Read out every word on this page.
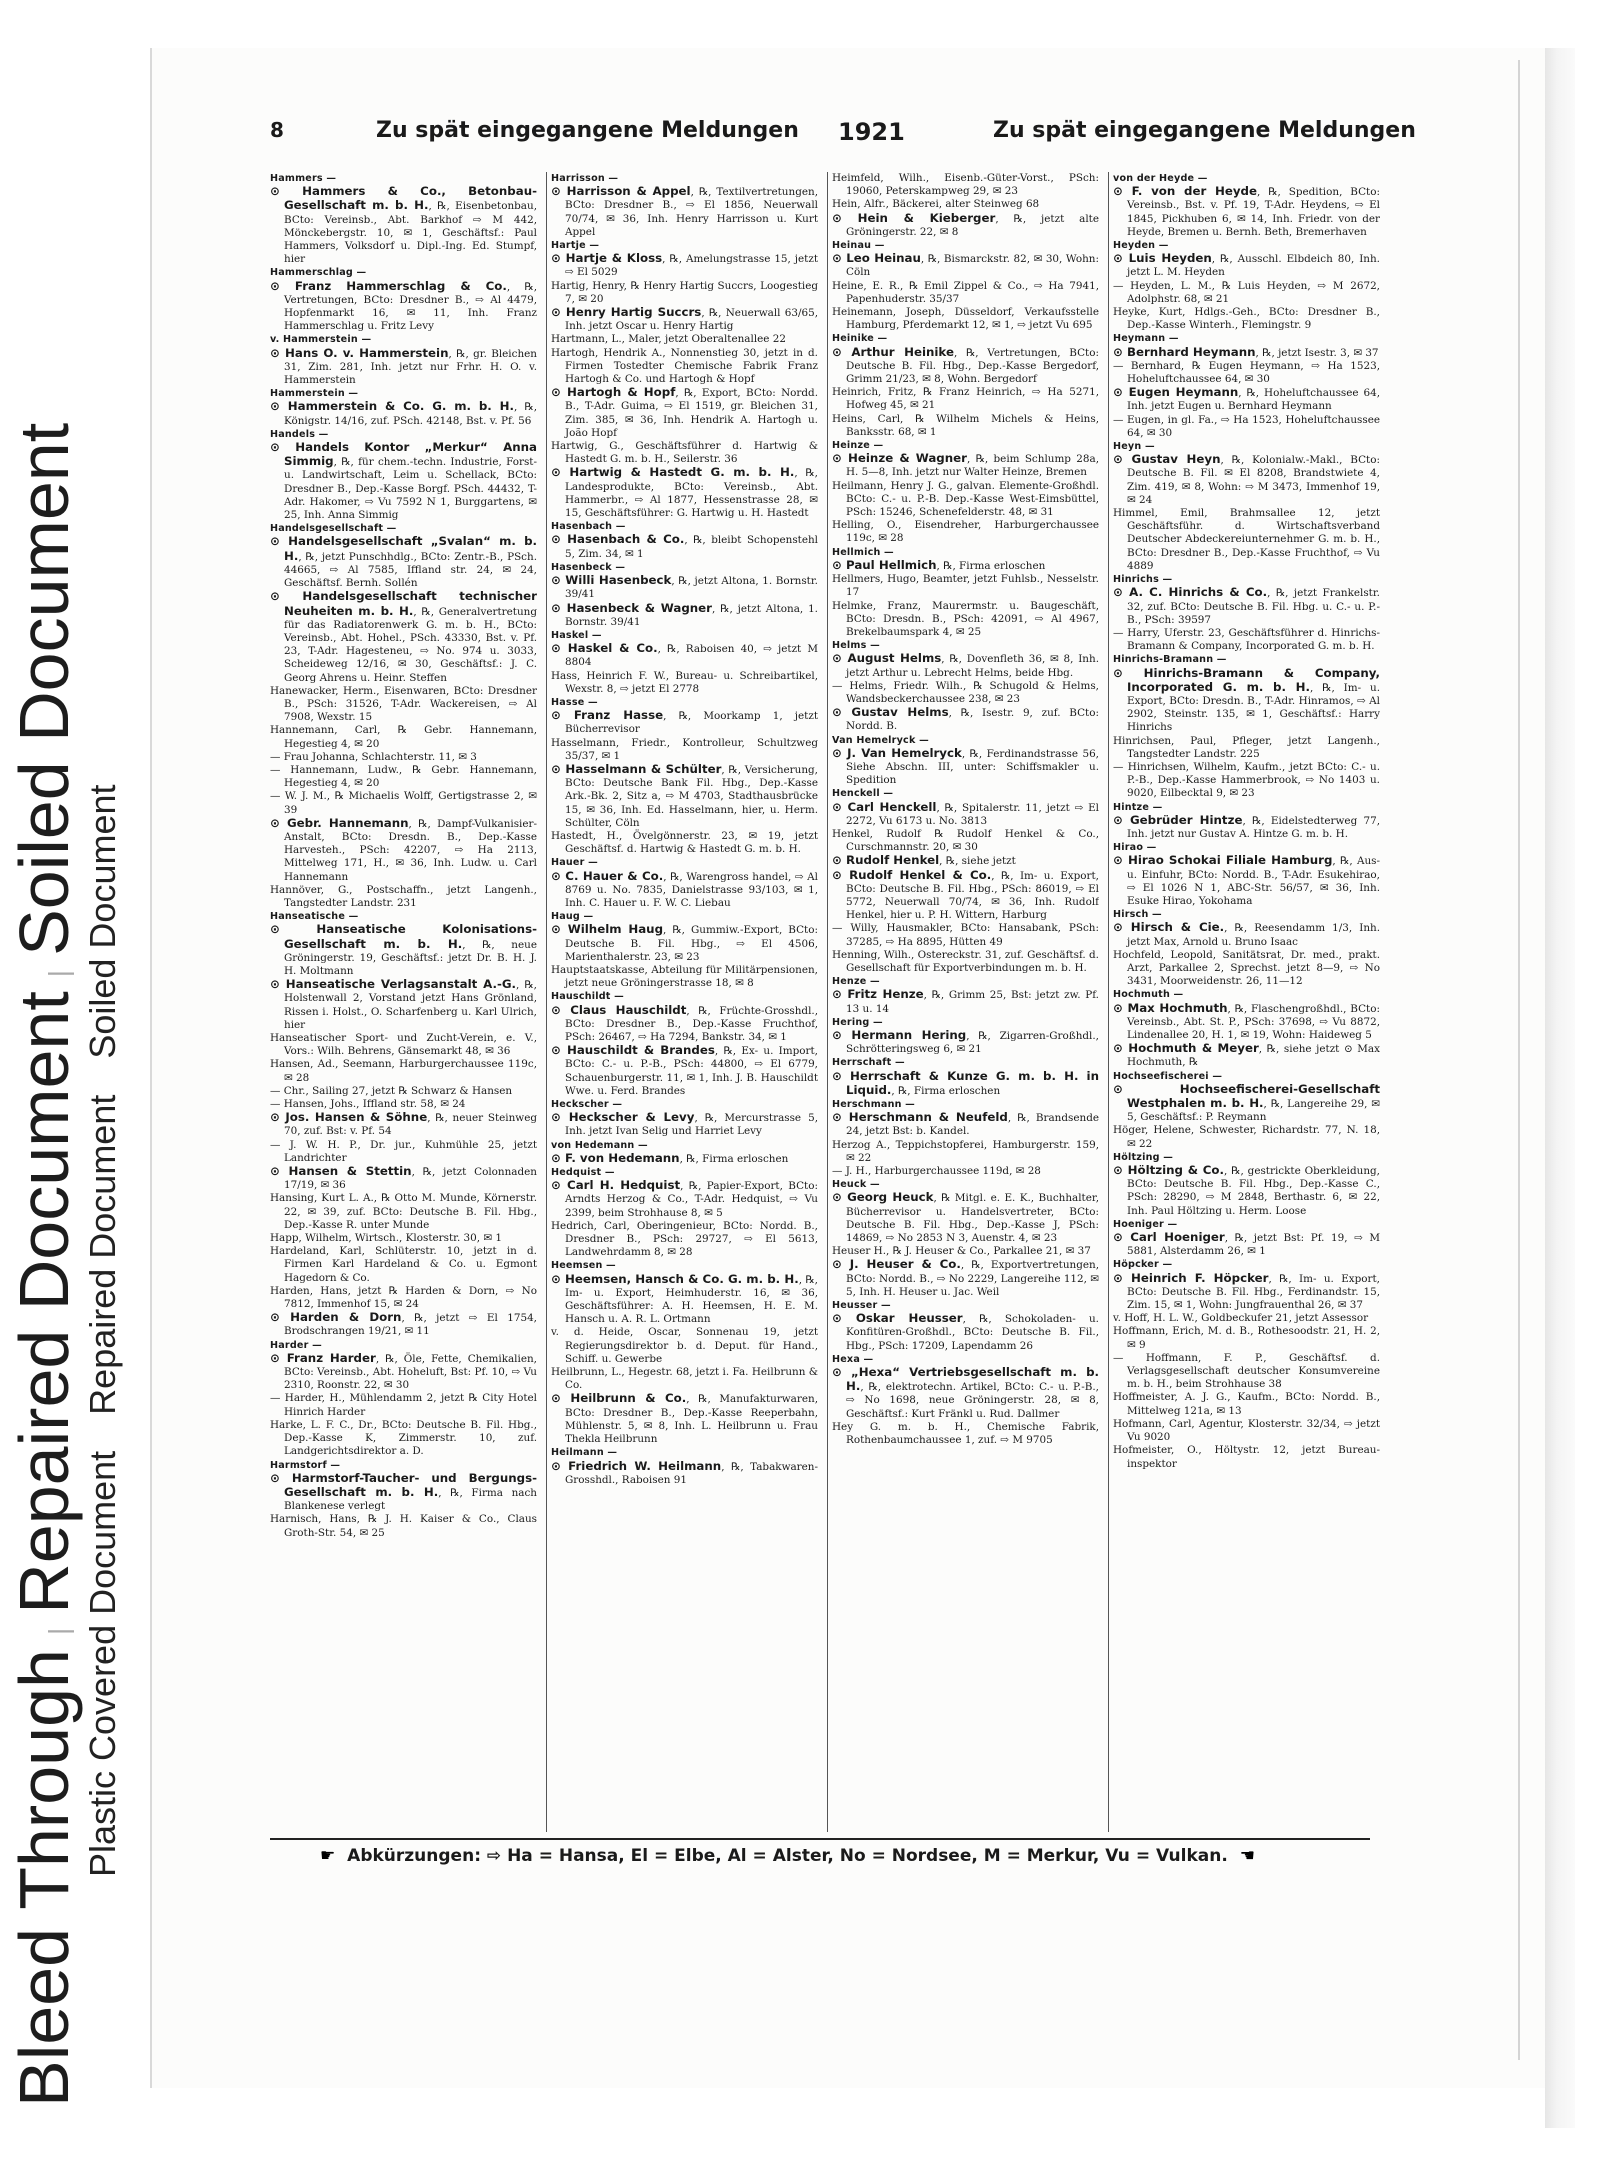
Bleed Through|Repaired Document|Soiled Document
Plastic Covered DocumentRepaired DocumentSoiled Document
8	Zu spät eingegangene Meldungen 1921	Zu spät eingegangene Meldungen
Hammers —
⊙ Hammers & Co., Betonbau-Gesellschaft m. b. H., ℞, Eisenbetonbau, BCto: Vereinsb., Abt. Barkhof ⇨ M 442, Mönckebergstr. 10, ✉ 1, Geschäftsf.: Paul Hammers, Volksdorf u. Dipl.-Ing. Ed. Stumpf, hier
Hammerschlag —
⊙ Franz Hammerschlag & Co., ℞, Vertretungen, BCto: Dresdner B., ⇨ Al 4479, Hopfenmarkt 16, ✉ 11, Inh. Franz Hammerschlag u. Fritz Levy
v. Hammerstein —
⊙ Hans O. v. Hammerstein, ℞, gr. Bleichen 31, Zim. 281, Inh. jetzt nur Frhr. H. O. v. Hammerstein
Hammerstein —
⊙ Hammerstein & Co. G. m. b. H., ℞, Königstr. 14/16, zuf. PSch. 42148, Bst. v. Pf. 56
Handels —
⊙ Handels Kontor „Merkur“ Anna Simmig, ℞, für chem.-techn. Industrie, Forst- u. Landwirtschaft, Leim u. Schellack, BCto: Dresdner B., Dep.-Kasse Borgf. PSch. 44432, T-Adr. Hakomer, ⇨ Vu 7592 N 1, Burggartens, ✉ 25, Inh. Anna Simmig
Handelsgesellschaft —
⊙ Handelsgesellschaft „Svalan“ m. b. H., ℞, jetzt Punschhdlg., BCto: Zentr.-B., PSch. 44665, ⇨ Al 7585, Iffland str. 24, ✉ 24, Geschäftsf. Bernh. Sollén
⊙ Handelsgesellschaft technischer Neuheiten m. b. H., ℞, Generalvertretung für das Radiatorenwerk G. m. b. H., BCto: Vereinsb., Abt. Hohel., PSch. 43330, Bst. v. Pf. 23, T-Adr. Hagesteneu, ⇨ No. 974 u. 3033, Scheideweg 12/16, ✉ 30, Geschäftsf.: J. C. Georg Ahrens u. Heinr. Steffen
Hanewacker, Herm., Eisenwaren, BCto: Dresdner B., PSch: 31526, T-Adr. Wackereisen, ⇨ Al 7908, Wexstr. 15
Hannemann, Carl, ℞ Gebr. Hannemann, Hegestieg 4, ✉ 20
— Frau Johanna, Schlachterstr. 11, ✉ 3
— Hannemann, Ludw., ℞ Gebr. Hannemann, Hegestieg 4, ✉ 20
— W. J. M., ℞ Michaelis Wolff, Gertigstrasse 2, ✉ 39
⊙ Gebr. Hannemann, ℞, Dampf-Vulkanisier-Anstalt, BCto: Dresdn. B., Dep.-Kasse Harvesteh., PSch: 42207, ⇨ Ha 2113, Mittelweg 171, H., ✉ 36, Inh. Ludw. u. Carl Hannemann
Hannöver, G., Postschaffn., jetzt Langenh., Tangstedter Landstr. 231
Hanseatische —
⊙ Hanseatische Kolonisations-Gesellschaft m. b. H., ℞, neue Gröningerstr. 19, Geschäftsf.: jetzt Dr. B. H. J. H. Moltmann
⊙ Hanseatische Verlagsanstalt A.-G., ℞, Holstenwall 2, Vorstand jetzt Hans Grönland, Rissen i. Holst., O. Scharfenberg u. Karl Ulrich, hier
Hanseatischer Sport- und Zucht-Verein, e. V., Vors.: Wilh. Behrens, Gänsemarkt 48, ✉ 36
Hansen, Ad., Seemann, Harburgerchaussee 119c, ✉ 28
— Chr., Sailing 27, jetzt ℞ Schwarz & Hansen
— Hansen, Johs., Iffland str. 58, ✉ 24
⊙ Jos. Hansen & Söhne, ℞, neuer Steinweg 70, zuf. Bst: v. Pf. 54
— J. W. H. P., Dr. jur., Kuhmühle 25, jetzt Landrichter
⊙ Hansen & Stettin, ℞, jetzt Colonnaden 17/19, ✉ 36
Hansing, Kurt L. A., ℞ Otto M. Munde, Körnerstr. 22, ✉ 39, zuf. BCto: Deutsche B. Fil. Hbg., Dep.-Kasse R. unter Munde
Happ, Wilhelm, Wirtsch., Klosterstr. 30, ✉ 1
Hardeland, Karl, Schlüterstr. 10, jetzt in d. Firmen Karl Hardeland & Co. u. Egmont Hagedorn & Co.
Harden, Hans, jetzt ℞ Harden & Dorn, ⇨ No 7812, Immenhof 15, ✉ 24
⊙ Harden & Dorn, ℞, jetzt ⇨ El 1754, Brodschrangen 19/21, ✉ 11
Harder —
⊙ Franz Harder, ℞, Öle, Fette, Chemikalien, BCto: Vereinsb., Abt. Hoheluft, Bst: Pf. 10, ⇨ Vu 2310, Roonstr. 22, ✉ 30
— Harder, H., Mühlendamm 2, jetzt ℞ City Hotel Hinrich Harder
Harke, L. F. C., Dr., BCto: Deutsche B. Fil. Hbg., Dep.-Kasse K, Zimmerstr. 10, zuf. Landgerichtsdirektor a. D.
Harmstorf —
⊙ Harmstorf-Taucher- und Bergungs-Gesellschaft m. b. H., ℞, Firma nach Blankenese verlegt
Harnisch, Hans, ℞ J. H. Kaiser & Co., Claus Groth-Str. 54, ✉ 25
Harrisson —
⊙ Harrisson & Appel, ℞, Textilvertretungen, BCto: Dresdner B., ⇨ El 1856, Neuerwall 70/74, ✉ 36, Inh. Henry Harrisson u. Kurt Appel
Hartje —
⊙ Hartje & Kloss, ℞, Amelungstrasse 15, jetzt ⇨ El 5029
Hartig, Henry, ℞ Henry Hartig Succrs, Loogestieg 7, ✉ 20
⊙ Henry Hartig Succrs, ℞, Neuerwall 63/65, Inh. jetzt Oscar u. Henry Hartig
Hartmann, L., Maler, jetzt Oberaltenallee 22
Hartogh, Hendrik A., Nonnenstieg 30, jetzt in d. Firmen Tostedter Chemische Fabrik Franz Hartogh & Co. und Hartogh & Hopf
⊙ Hartogh & Hopf, ℞, Export, BCto: Nordd. B., T-Adr. Guima, ⇨ El 1519, gr. Bleichen 31, Zim. 385, ✉ 36, Inh. Hendrik A. Hartogh u. João Hopf
Hartwig, G., Geschäftsführer d. Hartwig & Hastedt G. m. b. H., Seilerstr. 36
⊙ Hartwig & Hastedt G. m. b. H., ℞, Landesprodukte, BCto: Vereinsb., Abt. Hammerbr., ⇨ Al 1877, Hessenstrasse 28, ✉ 15, Geschäftsführer: G. Hartwig u. H. Hastedt
Hasenbach —
⊙ Hasenbach & Co., ℞, bleibt Schopenstehl 5, Zim. 34, ✉ 1
Hasenbeck —
⊙ Willi Hasenbeck, ℞, jetzt Altona, 1. Bornstr. 39/41
⊙ Hasenbeck & Wagner, ℞, jetzt Altona, 1. Bornstr. 39/41
Haskel —
⊙ Haskel & Co., ℞, Raboisen 40, ⇨ jetzt M 8804
Hass, Heinrich F. W., Bureau- u. Schreibartikel, Wexstr. 8, ⇨ jetzt El 2778
Hasse —
⊙ Franz Hasse, ℞, Moorkamp 1, jetzt Bücherrevisor
Hasselmann, Friedr., Kontrolleur, Schultzweg 35/37, ✉ 1
⊙ Hasselmann & Schülter, ℞, Versicherung, BCto: Deutsche Bank Fil. Hbg., Dep.-Kasse Ark.-Bk. 2, Sitz a, ⇨ M 4703, Stadthausbrücke 15, ✉ 36, Inh. Ed. Hasselmann, hier, u. Herm. Schülter, Cöln
Hastedt, H., Övelgönnerstr. 23, ✉ 19, jetzt Geschäftsf. d. Hartwig & Hastedt G. m. b. H.
Hauer —
⊙ C. Hauer & Co., ℞, Warengross handel, ⇨ Al 8769 u. No. 7835, Danielstrasse 93/103, ✉ 1, Inh. C. Hauer u. F. W. C. Liebau
Haug —
⊙ Wilhelm Haug, ℞, Gummiw.-Export, BCto: Deutsche B. Fil. Hbg., ⇨ El 4506, Marienthalerstr. 23, ✉ 23
Hauptstaatskasse, Abteilung für Militärpensionen, jetzt neue Gröningerstrasse 18, ✉ 8
Hauschildt —
⊙ Claus Hauschildt, ℞, Früchte-Grosshdl., BCto: Dresdner B., Dep.-Kasse Fruchthof, PSch: 26467, ⇨ Ha 7294, Bankstr. 34, ✉ 1
⊙ Hauschildt & Brandes, ℞, Ex- u. Import, BCto: C.- u. P.-B., PSch: 44800, ⇨ El 6779, Schauenburgerstr. 11, ✉ 1, Inh. J. B. Hauschildt Wwe. u. Ferd. Brandes
Heckscher —
⊙ Heckscher & Levy, ℞, Mercurstrasse 5, Inh. jetzt Ivan Selig und Harriet Levy
von Hedemann —
⊙ F. von Hedemann, ℞, Firma erloschen
Hedquist —
⊙ Carl H. Hedquist, ℞, Papier-Export, BCto: Arndts Herzog & Co., T-Adr. Hedquist, ⇨ Vu 2399, beim Strohhause 8, ✉ 5
Hedrich, Carl, Oberingenieur, BCto: Nordd. B., Dresdner B., PSch: 29727, ⇨ El 5613, Landwehrdamm 8, ✉ 28
Heemsen —
⊙ Heemsen, Hansch & Co. G. m. b. H., ℞, Im- u. Export, Heimhuderstr. 16, ✉ 36, Geschäftsführer: A. H. Heemsen, H. E. M. Hansch u. A. R. L. Ortmann
v. d. Heide, Oscar, Sonnenau 19, jetzt Regierungsdirektor b. d. Deput. für Hand., Schiff. u. Gewerbe
Heilbrunn, L., Hegestr. 68, jetzt i. Fa. Heilbrunn & Co.
⊙ Heilbrunn & Co., ℞, Manufakturwaren, BCto: Dresdner B., Dep.-Kasse Reeperbahn, Mühlenstr. 5, ✉ 8, Inh. L. Heilbrunn u. Frau Thekla Heilbrunn
Heilmann —
⊙ Friedrich W. Heilmann, ℞, Tabakwaren-Grosshdl., Raboisen 91
Heimfeld, Wilh., Eisenb.-Güter-Vorst., PSch: 19060, Peterskampweg 29, ✉ 23
Hein, Alfr., Bäckerei, alter Steinweg 68
⊙ Hein & Kieberger, ℞, jetzt alte Gröningerstr. 22, ✉ 8
Heinau —
⊙ Leo Heinau, ℞, Bismarckstr. 82, ✉ 30, Wohn: Cöln
Heine, E. R., ℞ Emil Zippel & Co., ⇨ Ha 7941, Papenhuderstr. 35/37
Heinemann, Joseph, Düsseldorf, Verkaufsstelle Hamburg, Pferdemarkt 12, ✉ 1, ⇨ jetzt Vu 695
Heinike —
⊙ Arthur Heinike, ℞, Vertretungen, BCto: Deutsche B. Fil. Hbg., Dep.-Kasse Bergedorf, Grimm 21/23, ✉ 8, Wohn. Bergedorf
Heinrich, Fritz, ℞ Franz Heinrich, ⇨ Ha 5271, Hofweg 45, ✉ 21
Heins, Carl, ℞ Wilhelm Michels & Heins, Banksstr. 68, ✉ 1
Heinze —
⊙ Heinze & Wagner, ℞, beim Schlump 28a, H. 5—8, Inh. jetzt nur Walter Heinze, Bremen
Heilmann, Henry J. G., galvan. Elemente-Großhdl. BCto: C.- u. P.-B. Dep.-Kasse West-Eimsbüttel, PSch: 15246, Schenefelderstr. 48, ✉ 31
Helling, O., Eisendreher, Harburgerchaussee 119c, ✉ 28
Hellmich —
⊙ Paul Hellmich, ℞, Firma erloschen
Hellmers, Hugo, Beamter, jetzt Fuhlsb., Nesselstr. 17
Helmke, Franz, Maurermstr. u. Baugeschäft, BCto: Dresdn. B., PSch: 42091, ⇨ Al 4967, Brekelbaumspark 4, ✉ 25
Helms —
⊙ August Helms, ℞, Dovenfleth 36, ✉ 8, Inh. jetzt Arthur u. Lebrecht Helms, beide Hbg.
— Helms, Friedr. Wilh., ℞ Schugold & Helms, Wandsbeckerchaussee 238, ✉ 23
⊙ Gustav Helms, ℞, Isestr. 9, zuf. BCto: Nordd. B.
Van Hemelryck —
⊙ J. Van Hemelryck, ℞, Ferdinandstrasse 56, Siehe Abschn. III, unter: Schiffsmakler u. Spedition
Henckell —
⊙ Carl Henckell, ℞, Spitalerstr. 11, jetzt ⇨ El 2272, Vu 6173 u. No. 3813
Henkel, Rudolf ℞ Rudolf Henkel & Co., Curschmannstr. 20, ✉ 30
⊙ Rudolf Henkel, ℞, siehe jetzt
⊙ Rudolf Henkel & Co., ℞, Im- u. Export, BCto: Deutsche B. Fil. Hbg., PSch: 86019, ⇨ El 5772, Neuerwall 70/74, ✉ 36, Inh. Rudolf Henkel, hier u. P. H. Wittern, Harburg
— Willy, Hausmakler, BCto: Hansabank, PSch: 37285, ⇨ Ha 8895, Hütten 49
Henning, Wilh., Ostereckstr. 31, zuf. Geschäftsf. d. Gesellschaft für Exportverbindungen m. b. H.
Henze —
⊙ Fritz Henze, ℞, Grimm 25, Bst: jetzt zw. Pf. 13 u. 14
Hering —
⊙ Hermann Hering, ℞, Zigarren-Großhdl., Schrötteringsweg 6, ✉ 21
Herrschaft —
⊙ Herrschaft & Kunze G. m. b. H. in Liquid., ℞, Firma erloschen
Herschmann —
⊙ Herschmann & Neufeld, ℞, Brandsende 24, jetzt Bst: b. Kandel.
Herzog A., Teppichstopferei, Hamburgerstr. 159, ✉ 22
— J. H., Harburgerchaussee 119d, ✉ 28
Heuck —
⊙ Georg Heuck, ℞ Mitgl. e. E. K., Buchhalter, Bücherrevisor u. Handelsvertreter, BCto: Deutsche B. Fil. Hbg., Dep.-Kasse J, PSch: 14869, ⇨ No 2853 N 3, Auenstr. 4, ✉ 23
Heuser H., ℞ J. Heuser & Co., Parkallee 21, ✉ 37
⊙ J. Heuser & Co., ℞, Exportvertretungen, BCto: Nordd. B., ⇨ No 2229, Langereihe 112, ✉ 5, Inh. H. Heuser u. Jac. Weil
Heusser —
⊙ Oskar Heusser, ℞, Schokoladen- u. Konfitüren-Großhdl., BCto: Deutsche B. Fil., Hbg., PSch: 17209, Lapendamm 26
Hexa —
⊙ „Hexa“ Vertriebsgesellschaft m. b. H., ℞, elektrotechn. Artikel, BCto: C.- u. P.-B., ⇨ No 1698, neue Gröningerstr. 28, ✉ 8, Geschäftsf.: Kurt Fränkl u. Rud. Dallmer
Hey G. m. b. H., Chemische Fabrik, Rothenbaumchaussee 1, zuf. ⇨ M 9705
von der Heyde —
⊙ F. von der Heyde, ℞, Spedition, BCto: Vereinsb., Bst. v. Pf. 19, T-Adr. Heydens, ⇨ El 1845, Pickhuben 6, ✉ 14, Inh. Friedr. von der Heyde, Bremen u. Bernh. Beth, Bremerhaven
Heyden —
⊙ Luis Heyden, ℞, Ausschl. Elbdeich 80, Inh. jetzt L. M. Heyden
— Heyden, L. M., ℞ Luis Heyden, ⇨ M 2672, Adolphstr. 68, ✉ 21
Heyke, Kurt, Hdlgs.-Geh., BCto: Dresdner B., Dep.-Kasse Winterh., Flemingstr. 9
Heymann —
⊙ Bernhard Heymann, ℞, jetzt Isestr. 3, ✉ 37
— Bernhard, ℞ Eugen Heymann, ⇨ Ha 1523, Hoheluftchaussee 64, ✉ 30
⊙ Eugen Heymann, ℞, Hoheluftchaussee 64, Inh. jetzt Eugen u. Bernhard Heymann
— Eugen, in gl. Fa., ⇨ Ha 1523, Hoheluftchaussee 64, ✉ 30
Heyn —
⊙ Gustav Heyn, ℞, Kolonialw.-Makl., BCto: Deutsche B. Fil. ✉ El 8208, Brandstwiete 4, Zim. 419, ✉ 8, Wohn: ⇨ M 3473, Immenhof 19, ✉ 24
Himmel, Emil, Brahmsallee 12, jetzt Geschäftsführ. d. Wirtschaftsverband Deutscher Abdeckereiunternehmer G. m. b. H., BCto: Dresdner B., Dep.-Kasse Fruchthof, ⇨ Vu 4889
Hinrichs —
⊙ A. C. Hinrichs & Co., ℞, jetzt Frankelstr. 32, zuf. BCto: Deutsche B. Fil. Hbg. u. C.- u. P.-B., PSch: 39597
— Harry, Uferstr. 23, Geschäftsführer d. Hinrichs-Bramann & Company, Incorporated G. m. b. H.
Hinrichs-Bramann —
⊙ Hinrichs-Bramann & Company, Incorporated G. m. b. H., ℞, Im- u. Export, BCto: Dresdn. B., T-Adr. Hinramos, ⇨ Al 2902, Steinstr. 135, ✉ 1, Geschäftsf.: Harry Hinrichs
Hinrichsen, Paul, Pfleger, jetzt Langenh., Tangstedter Landstr. 225
— Hinrichsen, Wilhelm, Kaufm., jetzt BCto: C.- u. P.-B., Dep.-Kasse Hammerbrook, ⇨ No 1403 u. 9020, Eilbecktal 9, ✉ 23
Hintze —
⊙ Gebrüder Hintze, ℞, Eidelstedterweg 77, Inh. jetzt nur Gustav A. Hintze G. m. b. H.
Hirao —
⊙ Hirao Schokai Filiale Hamburg, ℞, Aus- u. Einfuhr, BCto: Nordd. B., T-Adr. Esukehirao, ⇨ El 1026 N 1, ABC-Str. 56/57, ✉ 36, Inh. Esuke Hirao, Yokohama
Hirsch —
⊙ Hirsch & Cie., ℞, Reesendamm 1/3, Inh. jetzt Max, Arnold u. Bruno Isaac
Hochfeld, Leopold, Sanitätsrat, Dr. med., prakt. Arzt, Parkallee 2, Sprechst. jetzt 8—9, ⇨ No 3431, Moorweidenstr. 26, 11—12
Hochmuth —
⊙ Max Hochmuth, ℞, Flaschengroßhdl., BCto: Vereinsb., Abt. St. P., PSch: 37698, ⇨ Vu 8872, Lindenallee 20, H. 1, ✉ 19, Wohn: Haideweg 5
⊙ Hochmuth & Meyer, ℞, siehe jetzt ⊙ Max Hochmuth, ℞
Hochseefischerei —
⊙ Hochseefischerei-Gesellschaft Westphalen m. b. H., ℞, Langereihe 29, ✉ 5, Geschäftsf.: P. Reymann
Höger, Helene, Schwester, Richardstr. 77, N. 18, ✉ 22
Höltzing —
⊙ Höltzing & Co., ℞, gestrickte Oberkleidung, BCto: Deutsche B. Fil. Hbg., Dep.-Kasse C., PSch: 28290, ⇨ M 2848, Berthastr. 6, ✉ 22, Inh. Paul Höltzing u. Herm. Loose
Hoeniger —
⊙ Carl Hoeniger, ℞, jetzt Bst: Pf. 19, ⇨ M 5881, Alsterdamm 26, ✉ 1
Höpcker —
⊙ Heinrich F. Höpcker, ℞, Im- u. Export, BCto: Deutsche B. Fil. Hbg., Ferdinandstr. 15, Zim. 15, ✉ 1, Wohn: Jungfrauenthal 26, ✉ 37
v. Hoff, H. L. W., Goldbeckufer 21, jetzt Assessor
Hoffmann, Erich, M. d. B., Rothesoodstr. 21, H. 2, ✉ 9
— Hoffmann, F. P., Geschäftsf. d. Verlagsgesellschaft deutscher Konsumvereine m. b. H., beim Strohhause 38
Hoffmeister, A. J. G., Kaufm., BCto: Nordd. B., Mittelweg 121a, ✉ 13
Hofmann, Carl, Agentur, Klosterstr. 32/34, ⇨ jetzt Vu 9020
Hofmeister, O., Höltystr. 12, jetzt Bureau-inspektor
☛ Abkürzungen: ⇨ Ha = Hansa, El = Elbe, Al = Alster, No = Nordsee, M = Merkur, Vu = Vulkan. ☚
